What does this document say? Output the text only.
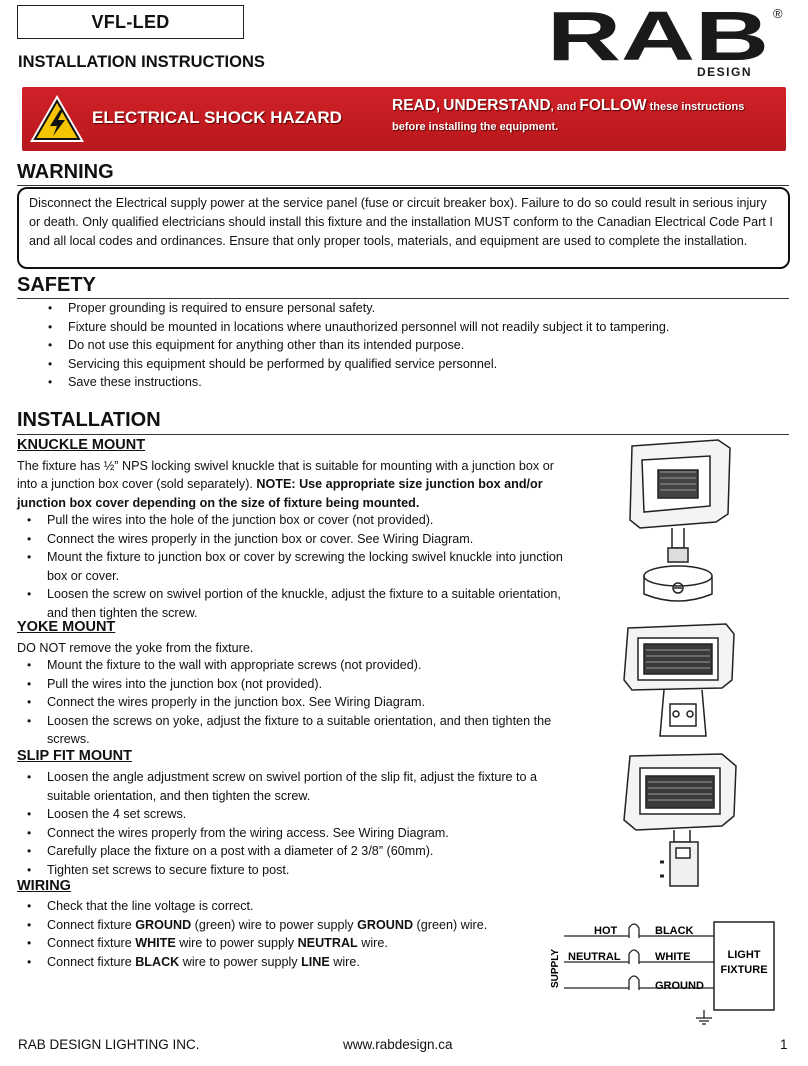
VFL-LED
INSTALLATION INSTRUCTIONS	RAB ®
DESIGN
ELECTRICAL SHOCK HAZARD
READ, UNDERSTAND, and FOLLOW these instructions
before installing the equipment.
WARNING
Disconnect the Electrical supply power at the service panel (fuse or circuit breaker box). Failure to do so could result in serious injury or death. Only qualified electricians should install this fixture and the installation MUST conform to the Canadian Electrical Code Part I and all local codes and ordinances. Ensure that only proper tools, materials, and equipment are used to complete the installation.
SAFETY
• Proper grounding is required to ensure personal safety.
• Fixture should be mounted in locations where unauthorized personnel will not readily subject it to tampering.
• Do not use this equipment for anything other than its intended purpose.
• Servicing this equipment should be performed by qualified service personnel.
• Save these instructions.
INSTALLATION
KNUCKLE MOUNT
The fixture has ½” NPS locking swivel knuckle that is suitable for mounting with a junction box or into a junction box cover (sold separately). NOTE: Use appropriate size junction box and/or junction box cover depending on the size of fixture being mounted.
• Pull the wires into the hole of the junction box or cover (not provided).
• Connect the wires properly in the junction box or cover. See Wiring Diagram.
• Mount the fixture to junction box or cover by screwing the locking swivel knuckle into junction box or cover.
• Loosen the screw on swivel portion of the knuckle, adjust the fixture to a suitable orientation, and then tighten the screw.
YOKE MOUNT
DO NOT remove the yoke from the fixture.
• Mount the fixture to the wall with appropriate screws (not provided).
• Pull the wires into the junction box (not provided).
• Connect the wires properly in the junction box. See Wiring Diagram.
• Loosen the screws on yoke, adjust the fixture to a suitable orientation, and then tighten the screws.
SLIP FIT MOUNT
• Loosen the angle adjustment screw on swivel portion of the slip fit, adjust the fixture to a suitable orientation, and then tighten the screw.
• Loosen the 4 set screws.
• Connect the wires properly from the wiring access. See Wiring Diagram.
• Carefully place the fixture on a post with a diameter of 2 3/8” (60mm).
• Tighten set screws to secure fixture to post.
WIRING
• Check that the line voltage is correct.
• Connect fixture GROUND (green) wire to power supply GROUND (green) wire.
• Connect fixture WHITE wire to power supply NEUTRAL wire.
• Connect fixture BLACK wire to power supply LINE wire.	LIGHT
FIXTURE
SUPPLY
HOT
NEUTRAL
BLACK
WHITE
GROUND
RAB DESIGN LIGHTING INC.	www.rabdesign.ca	1
